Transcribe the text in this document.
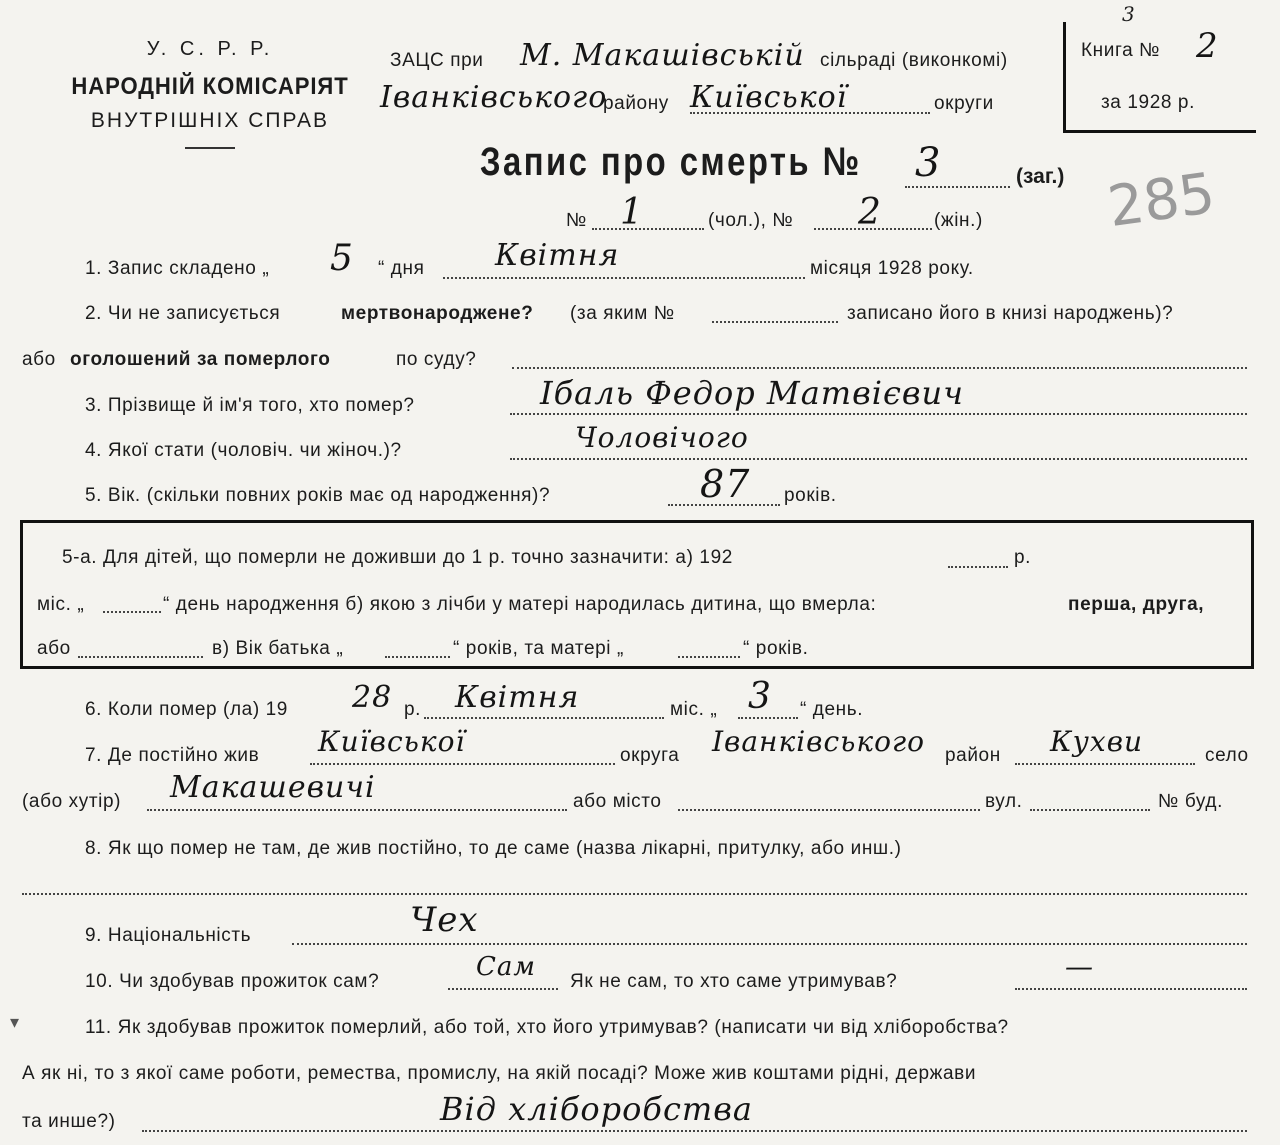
У. С. Р. Р.
НАРОДНІЙ КОМІСАРІЯТ
ВНУТРІШНІХ СПРАВ
ЗАЦС при М. Макашівській сільраді (виконкомі)
Іванківського
району Київської	округи
3
Книга № 2
за 1928 р.
285
Запис про смерть № 3	(заг.)
№ 1	(чол.), № 2	(жін.)
1. Запис складено „ 5 “ дня Квітня	місяця 1928 року.
2. Чи не записується	мертвонароджене? (за яким №	записано його в книзі народжень)?
або оголошений за померлого	по суду?
3. Прізвище й ім'я того, хто помер?	Ібаль Федор Матвієвич
4. Якої стати (чоловіч. чи жіноч.)?	Чоловічого
5. Вік. (скільки повних років має од народження)?	87 років.
5-а. Для дітей, що померли не доживши до 1 р. точно зазначити: а) 192	р.
міс. „	“ день народження б) якою з лічби у матері народилась дитина, що вмерла:	перша, друга,
або	в) Вік батька „	“ років, та матері „	“ років.
6. Коли помер (ла) 19 28 р. Квітня	міс. „ 3 “ день.
7. Де постійно жив Київської	округа Іванківського район Кухви	село
(або хутір) Макашевичі	або місто	вул.	№ буд.
8. Як що помер не там, де жив постійно, то де саме (назва лікарні, притулку, або инш.)
9. Національність	Чех
10. Чи здобував прожиток сам?	Сам Як не сам, то хто саме утримував?	—
▾	11. Як здобував прожиток померлий, або той, хто його утримував? (написати чи від хліборобства?
А як ні, то з якої саме роботи, ремества, промислу, на якій посаді? Може жив коштами рідні, держави
та инше?)	Від хліборобства
